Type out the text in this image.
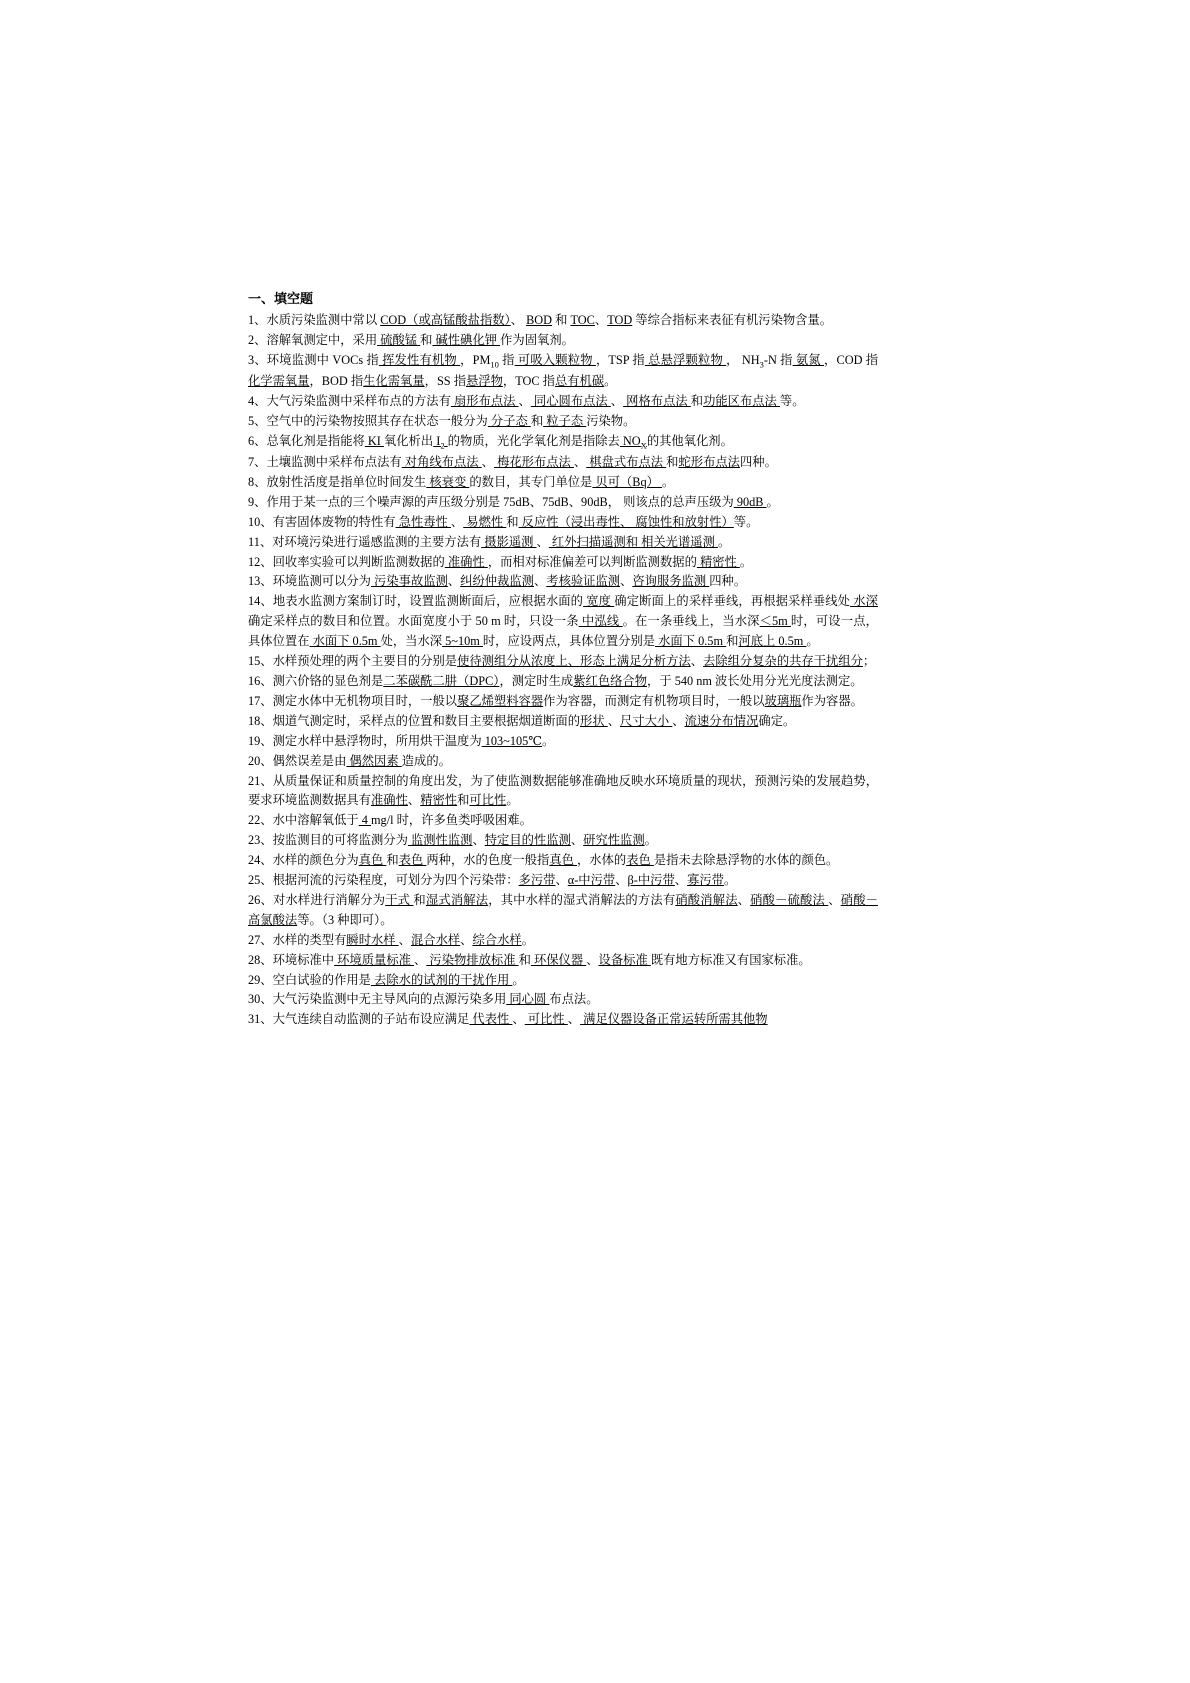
一、填空题

1、水质污染监测中常以 COD（或高锰酸盐指数）、 BOD 和 TOC、TOD 等综合指标来表征有机污染物含量。

2、溶解氧测定中，采用 硫酸锰 和 碱性碘化钾 作为固氧剂。

3、环境监测中 VOCs 指 挥发性有机物 ，$PM_{10}$ 指 可吸入颗粒物 ，TSP 指 总悬浮颗粒物 ， $NH_3-N$ 指 氨氮 ，COD 指化学需氧量，BOD 指生化需氧量，SS 指悬浮物，TOC 指总有机碳。

4、大气污染监测中采样布点的方法有 扇形布点法 、 同心圆布点法 、 网格布点法 和功能区布点法 等。

5、空气中的污染物按照其存在状态一般分为 分子态 和 粒子态 污染物。

6、总氧化剂是指能将 KI 氧化析出 $I_2$ 的物质，光化学氧化剂是指除去 $NO_X$的其他氧化剂。

7、土壤监测中采样布点法有 对角线布点法 、 梅花形布点法 、 棋盘式布点法 和蛇形布点法四种。

8、放射性活度是指单位时间发生 核衰变 的数目，其专门单位是 贝可（Bq） 。

9、作用于某一点的三个噪声源的声压级分别是 75dB、75dB、90dB， 则该点的总声压级为 90dB 。

10、有害固体废物的特性有 急性毒性 、 易燃性 和 反应性（浸出毒性、 腐蚀性和放射性）等。

11、对环境污染进行遥感监测的主要方法有 摄影遥测 、 红外扫描遥测和 相关光谱遥测 。

12、回收率实验可以判断监测数据的 准确性 ，而相对标准偏差可以判断监测数据的 精密性 。

13、环境监测可以分为 污染事故监测、纠纷仲裁监测、考核验证监测、咨询服务监测 四种。

14、地表水监测方案制订时，设置监测断面后，应根据水面的 宽度 确定断面上的采样垂线，再根据采样垂线处 水深 确定采样点的数目和位置。水面宽度小于 50 m 时，只设一条 中泓线 。在一条垂线上，当水深＜5m 时，可设一点，具体位置在 水面下 0.5m 处，当水深 5~10m 时，应设两点，具体位置分别是 水面下 0.5m 和河底上 0.5m 。

15、水样预处理的两个主要目的分别是使待测组分从浓度上、形态上满足分析方法、去除组分复杂的共存干扰组分；

16、测六价铬的显色剂是二苯碳酰二肼（DPC），测定时生成紫红色络合物，于 540 nm 波长处用分光光度法测定。

17、测定水体中无机物项目时，一般以聚乙烯塑料容器作为容器，而测定有机物项目时，一般以玻璃瓶作为容器。

18、烟道气测定时，采样点的位置和数目主要根据烟道断面的形状 、尺寸大小 、流速分布情况确定。

19、测定水样中悬浮物时，所用烘干温度为 103~105℃。

20、偶然误差是由 偶然因素 造成的。

21、从质量保证和质量控制的角度出发，为了使监测数据能够准确地反映水环境质量的现状，预测污染的发展趋势，要求环境监测数据具有准确性、精密性和可比性。

22、水中溶解氧低于 4 mg/l 时，许多鱼类呼吸困难。

23、按监测目的可将监测分为 监测性监测、特定目的性监测、研究性监测。

24、水样的颜色分为真色 和表色 两种，水的色度一般指真色 ，水体的表色 是指未去除悬浮物的水体的颜色。

25、根据河流的污染程度，可划分为四个污染带：多污带、α-中污带、β-中污带、寡污带。

26、对水样进行消解分为干式 和湿式消解法，其中水样的湿式消解法的方法有硝酸消解法、硝酸－硫酸法 、硝酸－高氯酸法等。（3 种即可）。

27、水样的类型有瞬时水样 、混合水样、综合水样。

28、环境标准中 环境质量标准 、 污染物排放标准 和 环保仪器 、设备标准 既有地方标准又有国家标准。

29、空白试验的作用是 去除水的试剂的干扰作用 。

30、大气污染监测中无主导风向的点源污染多用 同心圆 布点法。

31、大气连续自动监测的子站布设应满足 代表性 、 可比性 、 满足仪器设备正常运转所需其他物
